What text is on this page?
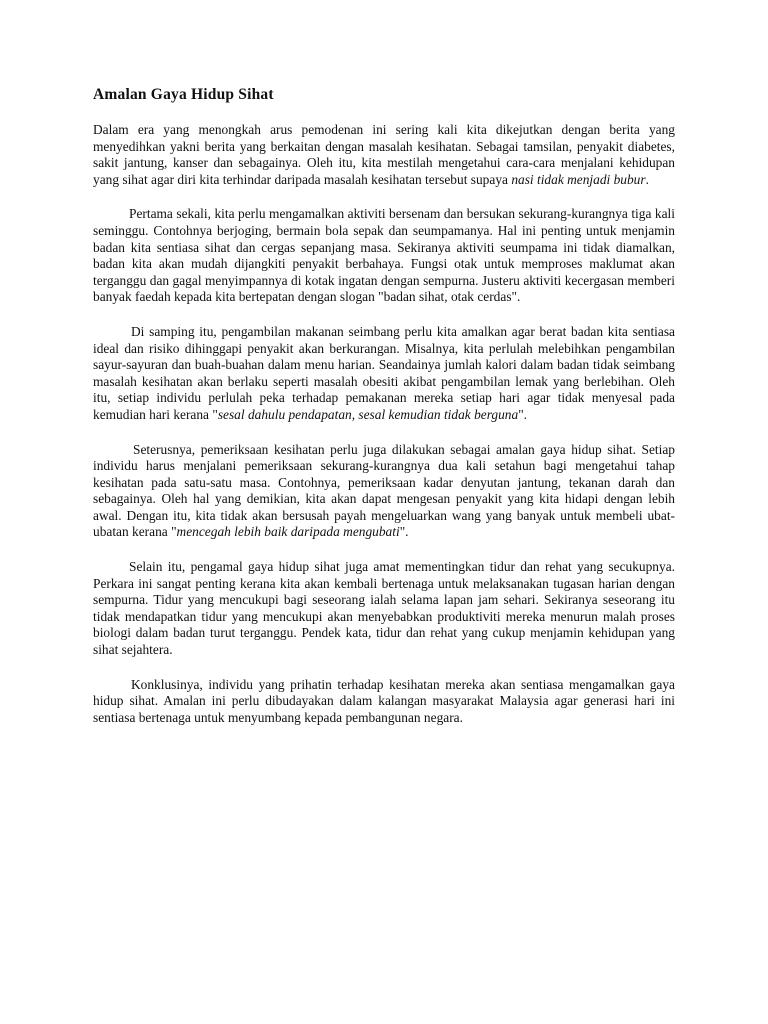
Amalan Gaya Hidup Sihat

Dalam era yang menongkah arus pemodenan ini sering kali kita dikejutkan dengan berita yang menyedihkan yakni berita yang berkaitan dengan masalah kesihatan. Sebagai tamsilan, penyakit diabetes, sakit jantung, kanser dan sebagainya. Oleh itu, kita mestilah mengetahui cara-cara menjalani kehidupan yang sihat agar diri kita terhindar daripada masalah kesihatan tersebut supaya nasi tidak menjadi bubur.

Pertama sekali, kita perlu mengamalkan aktiviti bersenam dan bersukan sekurang-kurangnya tiga kali seminggu. Contohnya berjoging, bermain bola sepak dan seumpamanya. Hal ini penting untuk menjamin badan kita sentiasa sihat dan cergas sepanjang masa. Sekiranya aktiviti seumpama ini tidak diamalkan, badan kita akan mudah dijangkiti penyakit berbahaya. Fungsi otak untuk memproses maklumat akan terganggu dan gagal menyimpannya di kotak ingatan dengan sempurna. Justeru aktiviti kecergasan memberi banyak faedah kepada kita bertepatan dengan slogan "badan sihat, otak cerdas".

Di samping itu, pengambilan makanan seimbang perlu kita amalkan agar berat badan kita sentiasa ideal dan risiko dihinggapi penyakit akan berkurangan. Misalnya, kita perlulah melebihkan pengambilan sayur-sayuran dan buah-buahan dalam menu harian. Seandainya jumlah kalori dalam badan tidak seimbang masalah kesihatan akan berlaku seperti masalah obesiti akibat pengambilan lemak yang berlebihan. Oleh itu, setiap individu perlulah peka terhadap pemakanan mereka setiap hari agar tidak menyesal pada kemudian hari kerana "sesal dahulu pendapatan, sesal kemudian tidak berguna".

Seterusnya, pemeriksaan kesihatan perlu juga dilakukan sebagai amalan gaya hidup sihat. Setiap individu harus menjalani pemeriksaan sekurang-kurangnya dua kali setahun bagi mengetahui tahap kesihatan pada satu-satu masa. Contohnya, pemeriksaan kadar denyutan jantung, tekanan darah dan sebagainya. Oleh hal yang demikian, kita akan dapat mengesan penyakit yang kita hidapi dengan lebih awal. Dengan itu, kita tidak akan bersusah payah mengeluarkan wang yang banyak untuk membeli ubat-ubatan kerana "mencegah lebih baik daripada mengubati".

Selain itu, pengamal gaya hidup sihat juga amat mementingkan tidur dan rehat yang secukupnya. Perkara ini sangat penting kerana kita akan kembali bertenaga untuk melaksanakan tugasan harian dengan sempurna. Tidur yang mencukupi bagi seseorang ialah selama lapan jam sehari. Sekiranya seseorang itu tidak mendapatkan tidur yang mencukupi akan menyebabkan produktiviti mereka menurun malah proses biologi dalam badan turut terganggu. Pendek kata, tidur dan rehat yang cukup menjamin kehidupan yang sihat sejahtera.

Konklusinya, individu yang prihatin terhadap kesihatan mereka akan sentiasa mengamalkan gaya hidup sihat. Amalan ini perlu dibudayakan dalam kalangan masyarakat Malaysia agar generasi hari ini sentiasa bertenaga untuk menyumbang kepada pembangunan negara.
